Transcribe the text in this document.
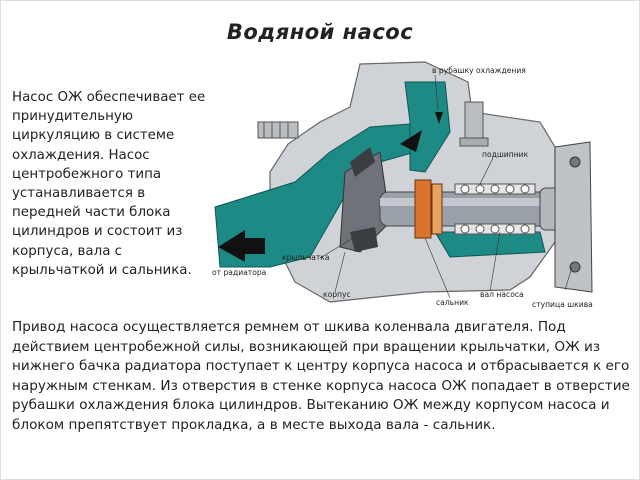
Водяной насос
Насос ОЖ обеспечивает ее принудительную циркуляцию в системе охлаждения. Насос центробежного типа устанавливается в передней части блока цилиндров и состоит из корпуса, вала с крыльчаткой и сальника.
в рубашку охлаждения
подшипник
крыльчатка
от радиатора
корпус
сальник
вал насоса
ступица шкива
Привод насоса осуществляется ремнем от шкива коленвала двигателя. Под действием центробежной силы, возникающей при вращении крыльчатки, ОЖ из нижнего бачка радиатора поступает к центру корпуса насоса и отбрасывается к его наружным стенкам. Из отверстия в стенке корпуса насоса ОЖ попадает в отверстие рубашки охлаждения блока цилиндров. Вытеканию ОЖ между корпусом насоса и блоком препятствует прокладка, а в месте выхода вала - сальник.
